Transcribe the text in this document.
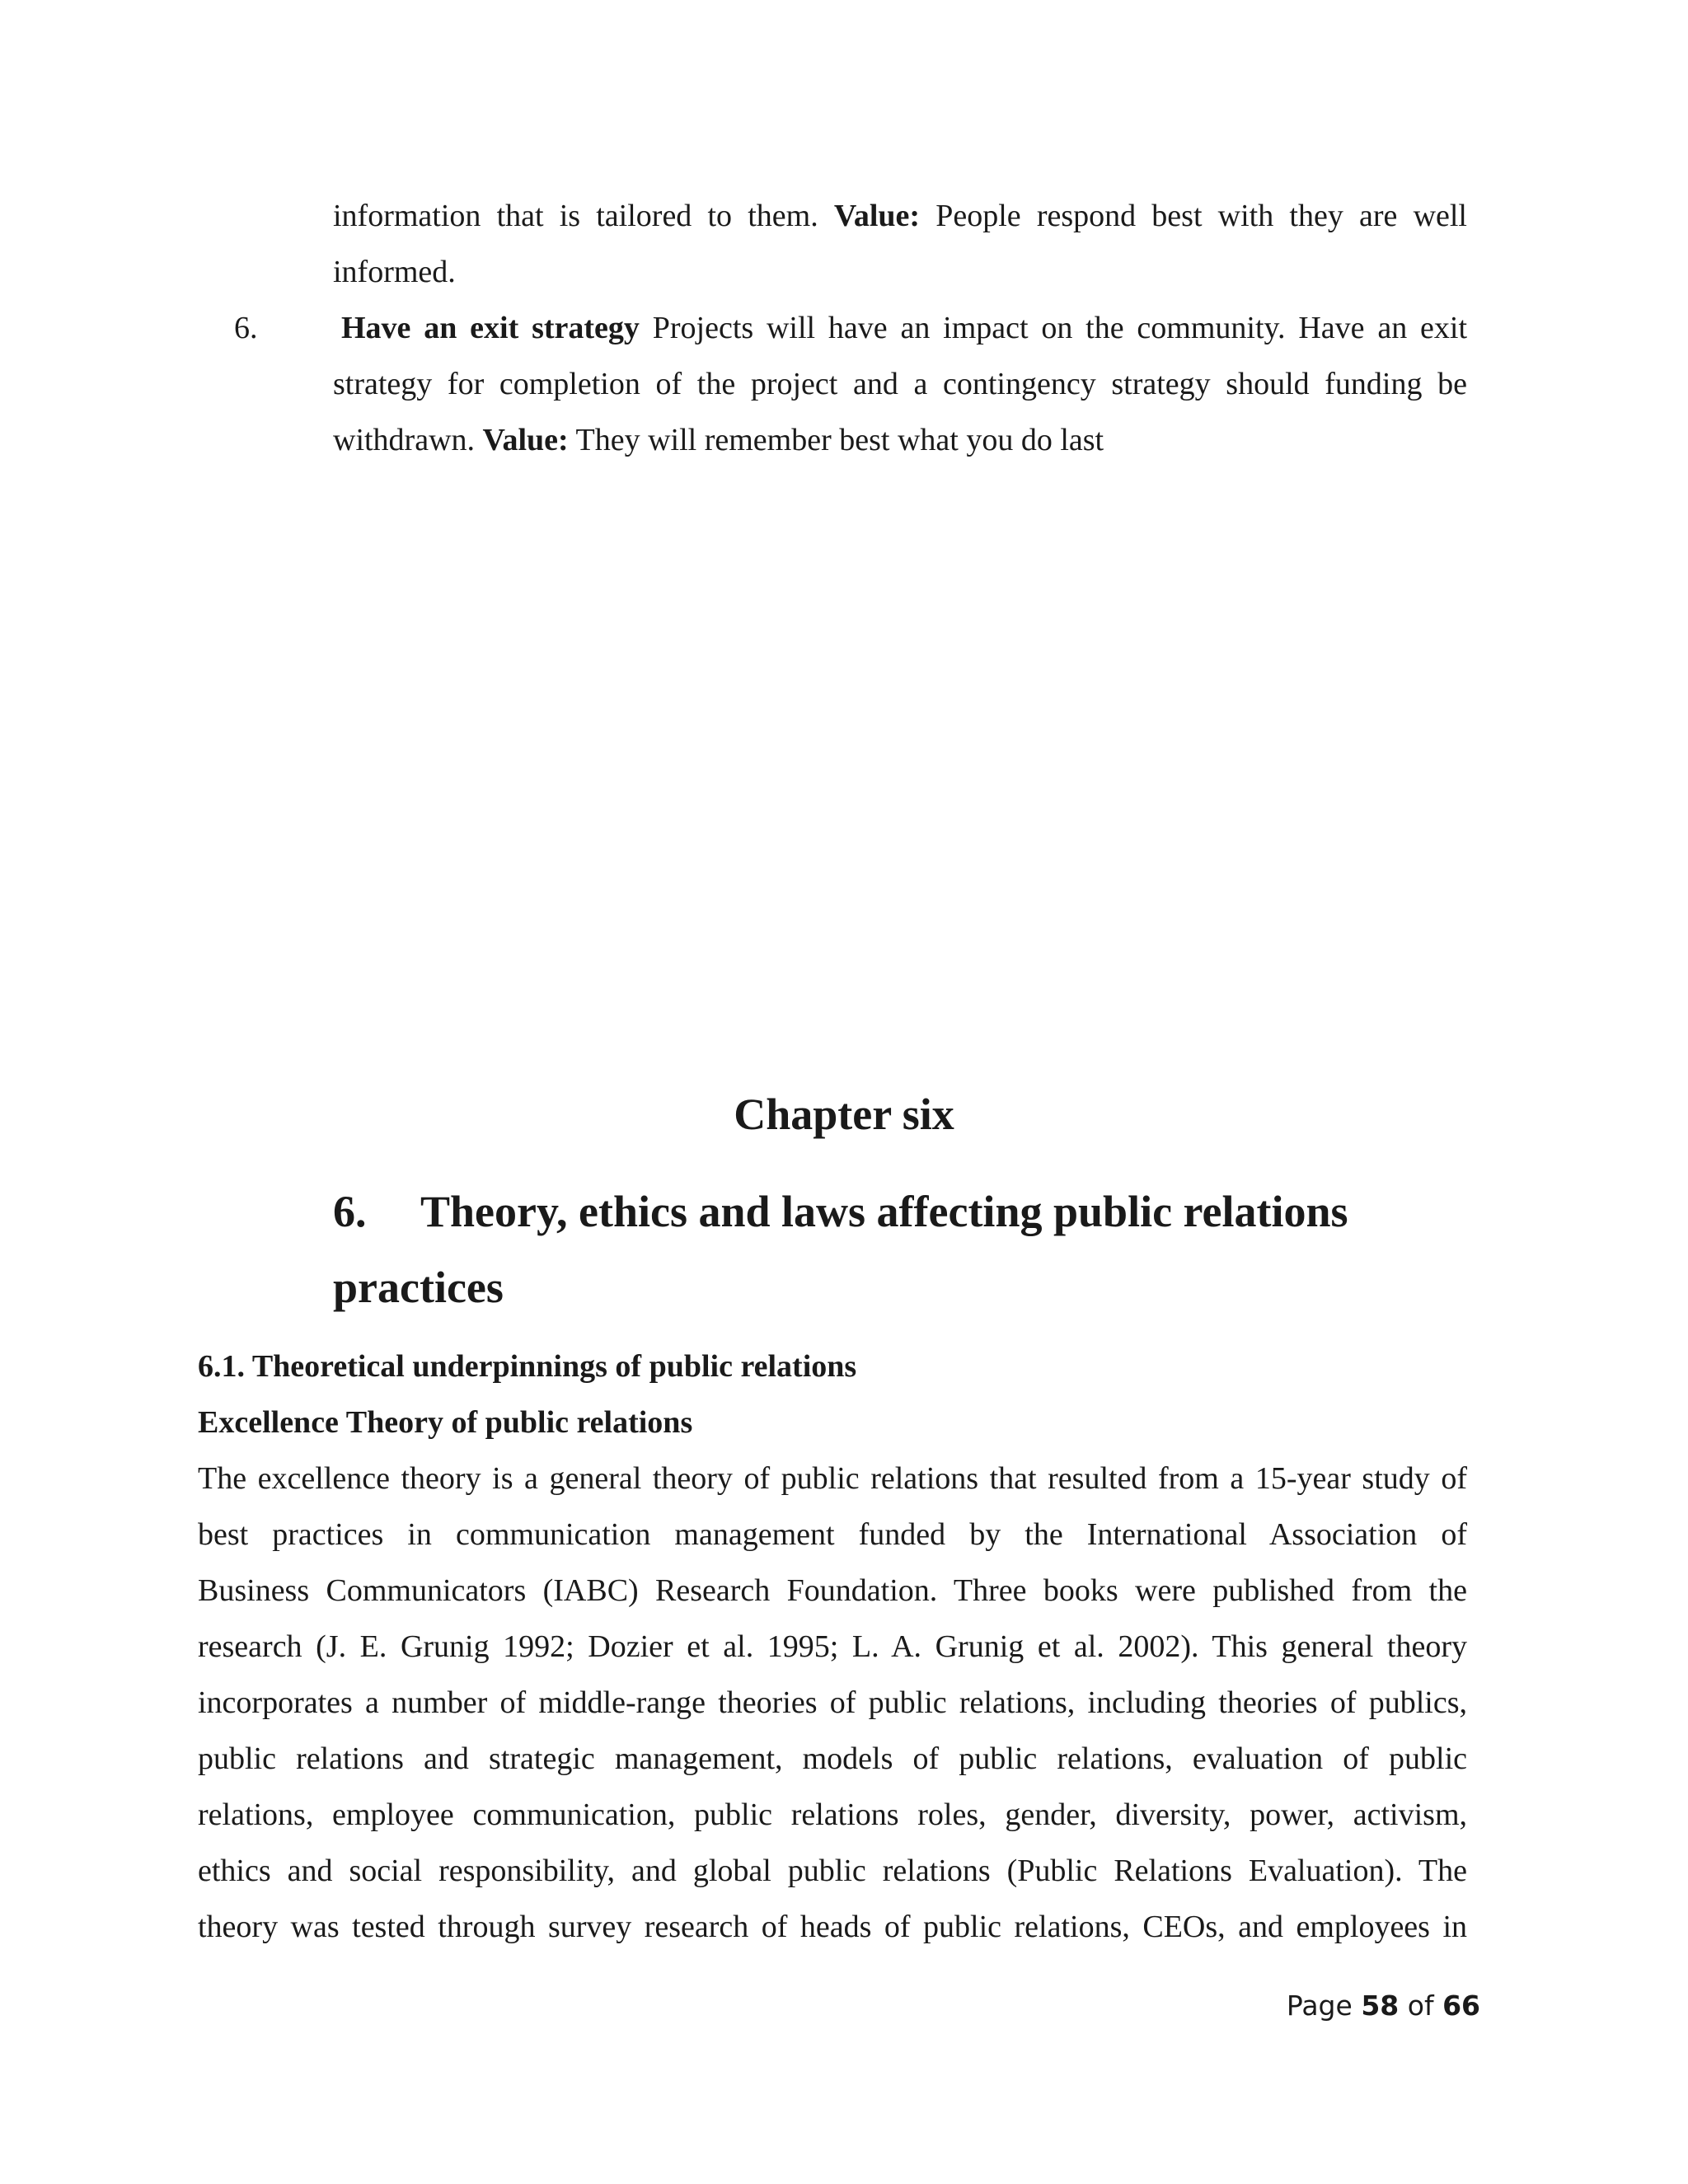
information that is tailored to them. Value: People respond best with they are well
informed.
6.	Have an exit strategy Projects will have an impact on the community. Have an exit
strategy for completion of the project and a contingency strategy should funding be
withdrawn. Value: They will remember best what you do last
Chapter six
6. Theory, ethics and laws affecting public relations
practices
6.1. Theoretical underpinnings of public relations
Excellence Theory of public relations
The excellence theory is a general theory of public relations that resulted from a 15-year study of
best practices in communication management funded by the International Association of
Business Communicators (IABC) Research Foundation. Three books were published from the
research (J. E. Grunig 1992; Dozier et al. 1995; L. A. Grunig et al. 2002). This general theory
incorporates a number of middle-range theories of public relations, including theories of publics,
public relations and strategic management, models of public relations, evaluation of public
relations, employee communication, public relations roles, gender, diversity, power, activism,
ethics and social responsibility, and global public relations (Public Relations Evaluation). The
theory was tested through survey research of heads of public relations, CEOs, and employees in
Page 58 of 66
